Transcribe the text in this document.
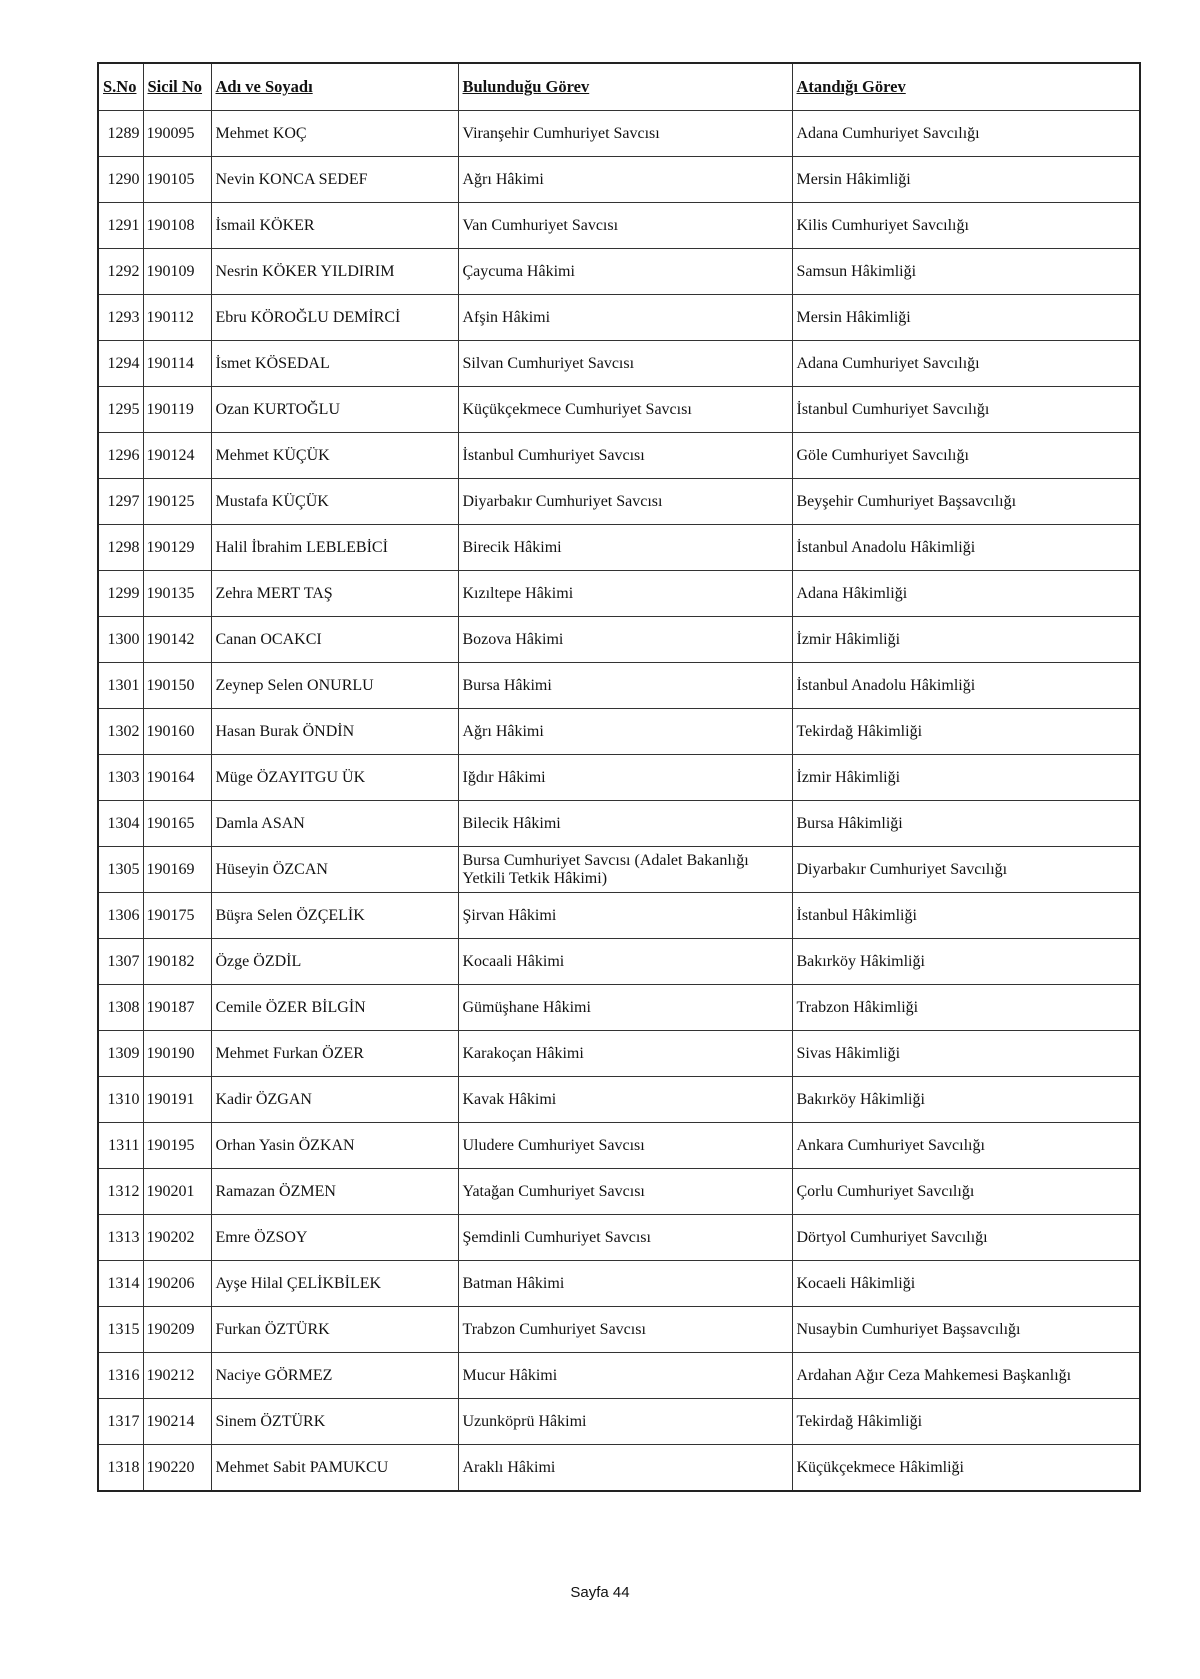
S.No	Sicil No	Adı ve Soyadı	Bulunduğu Görev	Atandığı Görev
1289	190095	Mehmet KOÇ	Viranşehir Cumhuriyet Savcısı	Adana Cumhuriyet Savcılığı
1290	190105	Nevin KONCA SEDEF	Ağrı Hâkimi	Mersin Hâkimliği
1291	190108	İsmail KÖKER	Van Cumhuriyet Savcısı	Kilis Cumhuriyet Savcılığı
1292	190109	Nesrin KÖKER YILDIRIM	Çaycuma Hâkimi	Samsun Hâkimliği
1293	190112	Ebru KÖROĞLU DEMİRCİ	Afşin Hâkimi	Mersin Hâkimliği
1294	190114	İsmet KÖSEDAL	Silvan Cumhuriyet Savcısı	Adana Cumhuriyet Savcılığı
1295	190119	Ozan KURTOĞLU	Küçükçekmece Cumhuriyet Savcısı	İstanbul Cumhuriyet Savcılığı
1296	190124	Mehmet KÜÇÜK	İstanbul Cumhuriyet Savcısı	Göle Cumhuriyet Savcılığı
1297	190125	Mustafa KÜÇÜK	Diyarbakır Cumhuriyet Savcısı	Beyşehir Cumhuriyet Başsavcılığı
1298	190129	Halil İbrahim LEBLEBİCİ	Birecik Hâkimi	İstanbul Anadolu Hâkimliği
1299	190135	Zehra MERT TAŞ	Kızıltepe Hâkimi	Adana Hâkimliği
1300	190142	Canan OCAKCI	Bozova Hâkimi	İzmir Hâkimliği
1301	190150	Zeynep Selen ONURLU	Bursa Hâkimi	İstanbul Anadolu Hâkimliği
1302	190160	Hasan Burak ÖNDİN	Ağrı Hâkimi	Tekirdağ Hâkimliği
1303	190164	Müge ÖZAYITGU ÜK	Iğdır Hâkimi	İzmir Hâkimliği
1304	190165	Damla ASAN	Bilecik Hâkimi	Bursa Hâkimliği
1305	190169	Hüseyin ÖZCAN	Bursa Cumhuriyet Savcısı (Adalet Bakanlığı Yetkili Tetkik Hâkimi)	Diyarbakır Cumhuriyet Savcılığı
1306	190175	Büşra Selen ÖZÇELİK	Şirvan Hâkimi	İstanbul Hâkimliği
1307	190182	Özge ÖZDİL	Kocaali Hâkimi	Bakırköy Hâkimliği
1308	190187	Cemile ÖZER BİLGİN	Gümüşhane Hâkimi	Trabzon Hâkimliği
1309	190190	Mehmet Furkan ÖZER	Karakoçan Hâkimi	Sivas Hâkimliği
1310	190191	Kadir ÖZGAN	Kavak Hâkimi	Bakırköy Hâkimliği
1311	190195	Orhan Yasin ÖZKAN	Uludere Cumhuriyet Savcısı	Ankara Cumhuriyet Savcılığı
1312	190201	Ramazan ÖZMEN	Yatağan Cumhuriyet Savcısı	Çorlu Cumhuriyet Savcılığı
1313	190202	Emre ÖZSOY	Şemdinli Cumhuriyet Savcısı	Dörtyol Cumhuriyet Savcılığı
1314	190206	Ayşe Hilal ÇELİKBİLEK	Batman Hâkimi	Kocaeli Hâkimliği
1315	190209	Furkan ÖZTÜRK	Trabzon Cumhuriyet Savcısı	Nusaybin Cumhuriyet Başsavcılığı
1316	190212	Naciye GÖRMEZ	Mucur Hâkimi	Ardahan Ağır Ceza Mahkemesi Başkanlığı
1317	190214	Sinem ÖZTÜRK	Uzunköprü Hâkimi	Tekirdağ Hâkimliği
1318	190220	Mehmet Sabit PAMUKCU	Araklı Hâkimi	Küçükçekmece Hâkimliği
Sayfa 44
